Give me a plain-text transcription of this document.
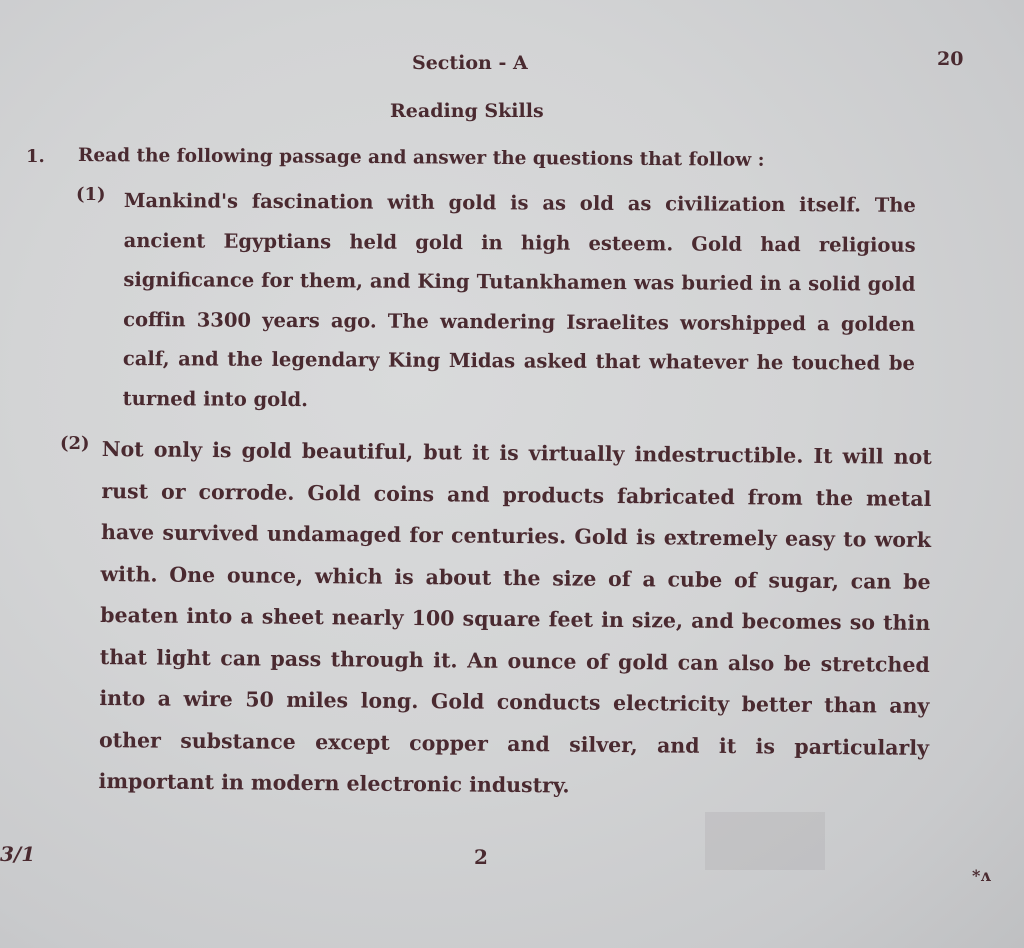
Section - A	20
Reading Skills
1. Read the following passage and answer the questions that follow :
(1) Mankind's fascination with gold is as old as civilization itself. The ancient Egyptians held gold in high esteem. Gold had religious significance for them, and King Tutankhamen was buried in a solid gold coffin 3300 years ago. The wandering Israelites worshipped a golden calf, and the legendary King Midas asked that whatever he touched be turned into gold.
(2) Not only is gold beautiful, but it is virtually indestructible. It will not rust or corrode. Gold coins and products fabricated from the metal have survived undamaged for centuries. Gold is extremely easy to work with. One ounce, which is about the size of a cube of sugar, can be beaten into a sheet nearly 100 square feet in size, and becomes so thin that light can pass through it. An ounce of gold can also be stretched into a wire 50 miles long. Gold conducts electricity better than any other substance except copper and silver, and it is particularly important in modern electronic industry.
3/1	2
*ʌ
